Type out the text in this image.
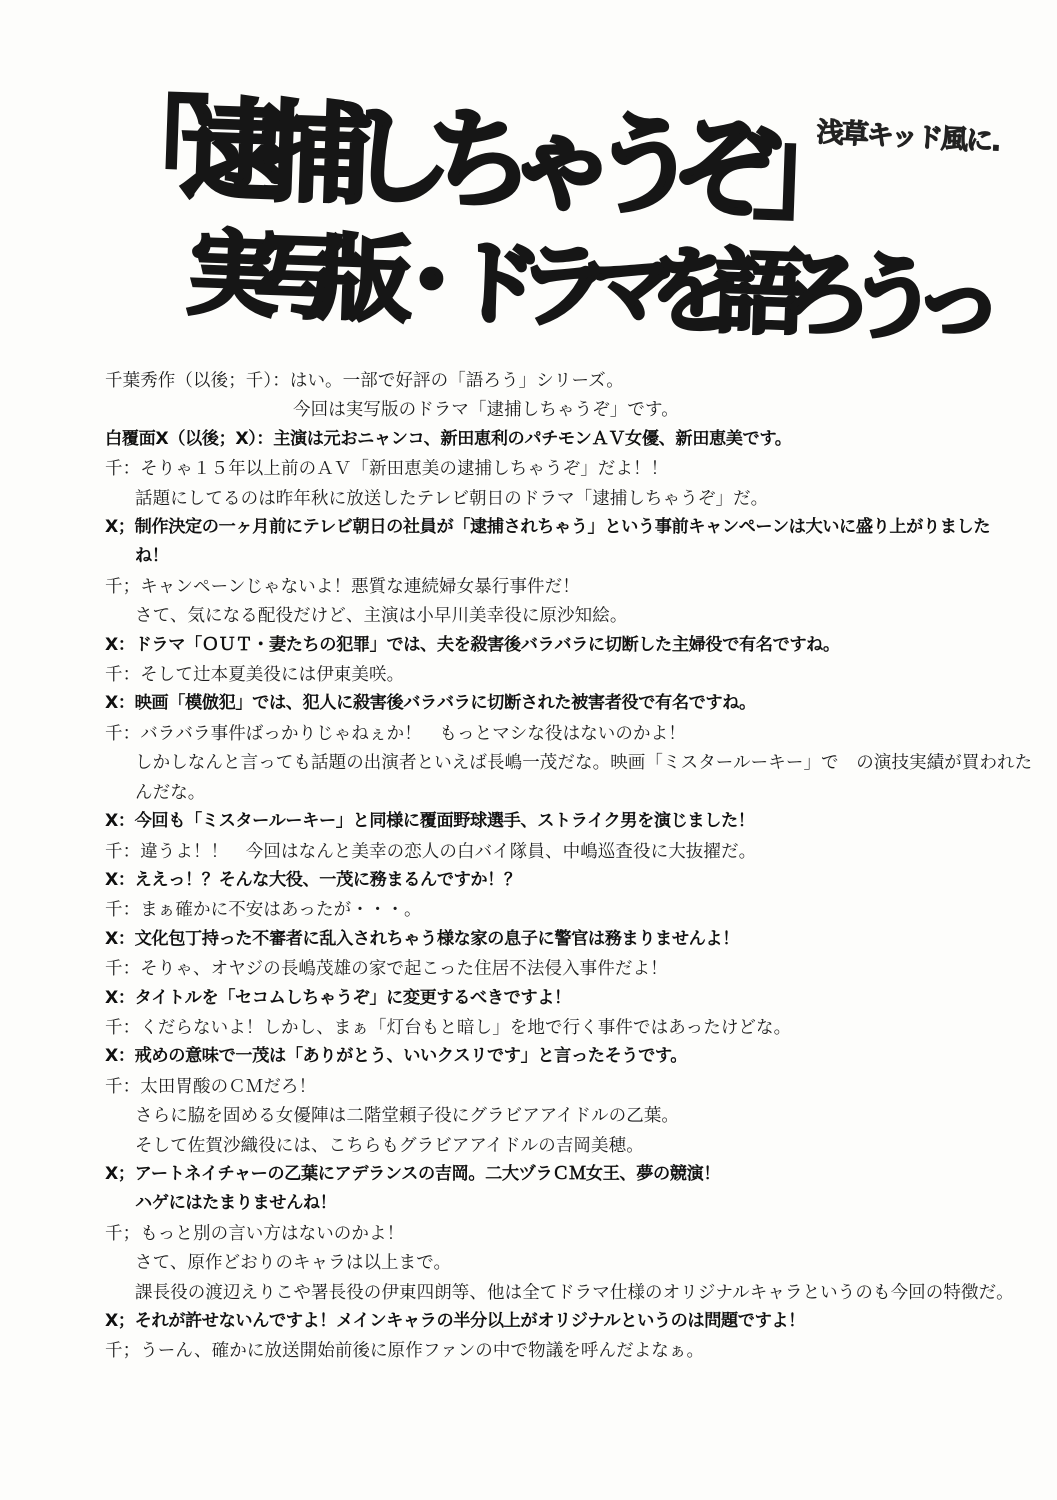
「逮捕しちゃうぞ」
浅草キッド風に.
実写版・ドラマを語ろうっ
千葉秀作（以後；千）：はい。一部で好評の「語ろう」シリーズ。
今回は実写版のドラマ「逮捕しちゃうぞ」です。
白覆面X（以後；X）：主演は元おニャンコ、新田恵利のパチモンＡＶ女優、新田恵美です。
千：そりゃ１５年以上前のＡＶ「新田恵美の逮捕しちゃうぞ」だよ！！
話題にしてるのは昨年秋に放送したテレビ朝日のドラマ「逮捕しちゃうぞ」だ。
X；制作決定の一ヶ月前にテレビ朝日の社員が「逮捕されちゃう」という事前キャンペーンは大いに盛り上がりました
ね！
千；キャンペーンじゃないよ！悪質な連続婦女暴行事件だ！
さて、気になる配役だけど、主演は小早川美幸役に原沙知絵。
X：ドラマ「ＯＵＴ・妻たちの犯罪」では、夫を殺害後バラバラに切断した主婦役で有名ですね。
千：そして辻本夏美役には伊東美咲。
X：映画「模倣犯」では、犯人に殺害後バラバラに切断された被害者役で有名ですね。
千：バラバラ事件ばっかりじゃねぇか！　もっとマシな役はないのかよ！
しかしなんと言っても話題の出演者といえば長嶋一茂だな。映画「ミスタールーキー」で　の演技実績が買われた
んだな。
X：今回も「ミスタールーキー」と同様に覆面野球選手、ストライク男を演じました！
千：違うよ！！　今回はなんと美幸の恋人の白バイ隊員、中嶋巡査役に大抜擢だ。
X：ええっ！？そんな大役、一茂に務まるんですか！？
千：まぁ確かに不安はあったが・・・。
X：文化包丁持った不審者に乱入されちゃう様な家の息子に警官は務まりませんよ！
千：そりゃ、オヤジの長嶋茂雄の家で起こった住居不法侵入事件だよ！
X：タイトルを「セコムしちゃうぞ」に変更するべきですよ！
千：くだらないよ！しかし、まぁ「灯台もと暗し」を地で行く事件ではあったけどな。
X：戒めの意味で一茂は「ありがとう、いいクスリです」と言ったそうです。
千：太田胃酸のＣＭだろ！
さらに脇を固める女優陣は二階堂頼子役にグラビアアイドルの乙葉。
そして佐賀沙織役には、こちらもグラビアアイドルの吉岡美穂。
X；アートネイチャーの乙葉にアデランスの吉岡。二大ヅラＣＭ女王、夢の競演！
ハゲにはたまりませんね！
千；もっと別の言い方はないのかよ！
さて、原作どおりのキャラは以上まで。
課長役の渡辺えりこや署長役の伊東四朗等、他は全てドラマ仕様のオリジナルキャラというのも今回の特徴だ。
X；それが許せないんですよ！メインキャラの半分以上がオリジナルというのは問題ですよ！
千；うーん、確かに放送開始前後に原作ファンの中で物議を呼んだよなぁ。
